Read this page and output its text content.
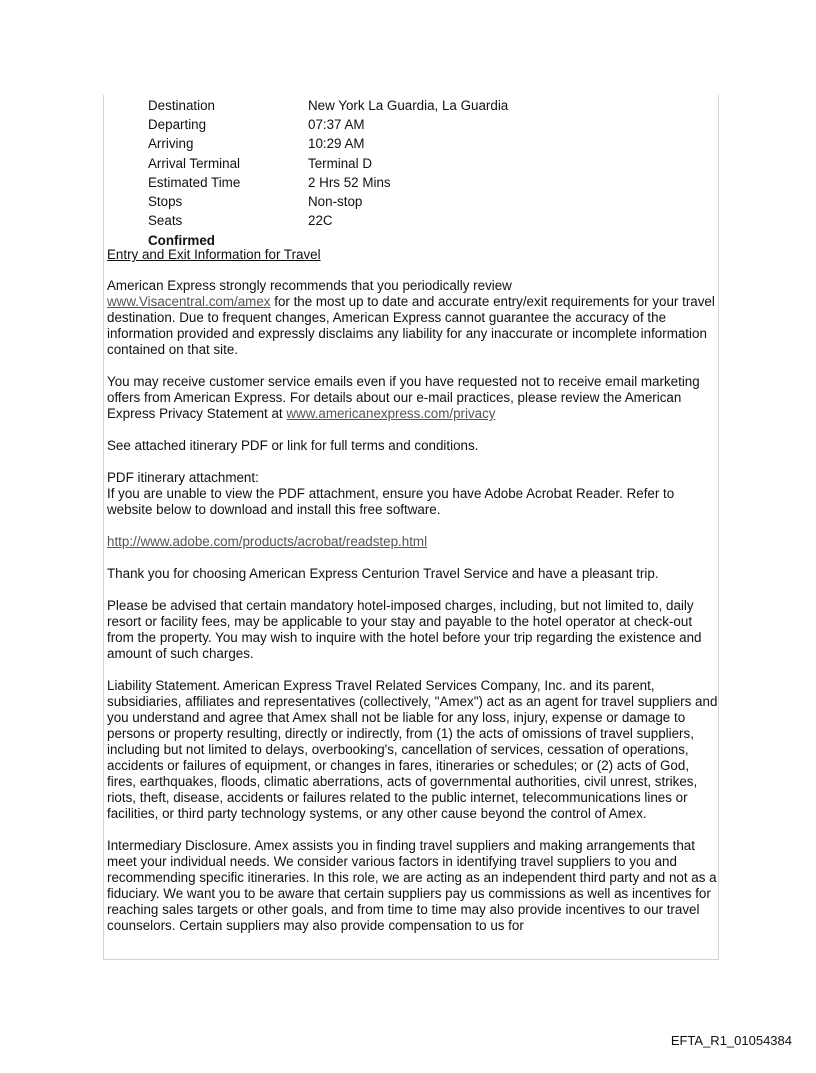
Destination	New York La Guardia, La Guardia
Departing	07:37 AM
Arriving	10:29 AM
Arrival Terminal	Terminal D
Estimated Time	2 Hrs 52 Mins
Stops	Non-stop
Seats	22C
Confirmed
Entry and Exit Information for Travel

American Express strongly recommends that you periodically review
www.Visacentral.com/amex for the most up to date and accurate entry/exit requirements for your travel destination. Due to frequent changes, American Express cannot guarantee the accuracy of the information provided and expressly disclaims any liability for any inaccurate or incomplete information contained on that site.

You may receive customer service emails even if you have requested not to receive email marketing offers from American Express. For details about our e-mail practices, please review the American Express Privacy Statement at www.americanexpress.com/privacy

See attached itinerary PDF or link for full terms and conditions.

PDF itinerary attachment:
If you are unable to view the PDF attachment, ensure you have Adobe Acrobat Reader. Refer to website below to download and install this free software.

http://www.adobe.com/products/acrobat/readstep.html

Thank you for choosing American Express Centurion Travel Service and have a pleasant trip.

Please be advised that certain mandatory hotel-imposed charges, including, but not limited to, daily resort or facility fees, may be applicable to your stay and payable to the hotel operator at check-out from the property. You may wish to inquire with the hotel before your trip regarding the existence and amount of such charges.

Liability Statement. American Express Travel Related Services Company, Inc. and its parent, subsidiaries, affiliates and representatives (collectively, "Amex") act as an agent for travel suppliers and you understand and agree that Amex shall not be liable for any loss, injury, expense or damage to persons or property resulting, directly or indirectly, from (1) the acts of omissions of travel suppliers, including but not limited to delays, overbooking's, cancellation of services, cessation of operations, accidents or failures of equipment, or changes in fares, itineraries or schedules; or (2) acts of God, fires, earthquakes, floods, climatic aberrations, acts of governmental authorities, civil unrest, strikes, riots, theft, disease, accidents or failures related to the public internet, telecommunications lines or facilities, or third party technology systems, or any other cause beyond the control of Amex.

Intermediary Disclosure. Amex assists you in finding travel suppliers and making arrangements that meet your individual needs. We consider various factors in identifying travel suppliers to you and recommending specific itineraries. In this role, we are acting as an independent third party and not as a fiduciary. We want you to be aware that certain suppliers pay us commissions as well as incentives for reaching sales targets or other goals, and from time to time may also provide incentives to our travel counselors. Certain suppliers may also provide compensation to us for

EFTA_R1_01054384
